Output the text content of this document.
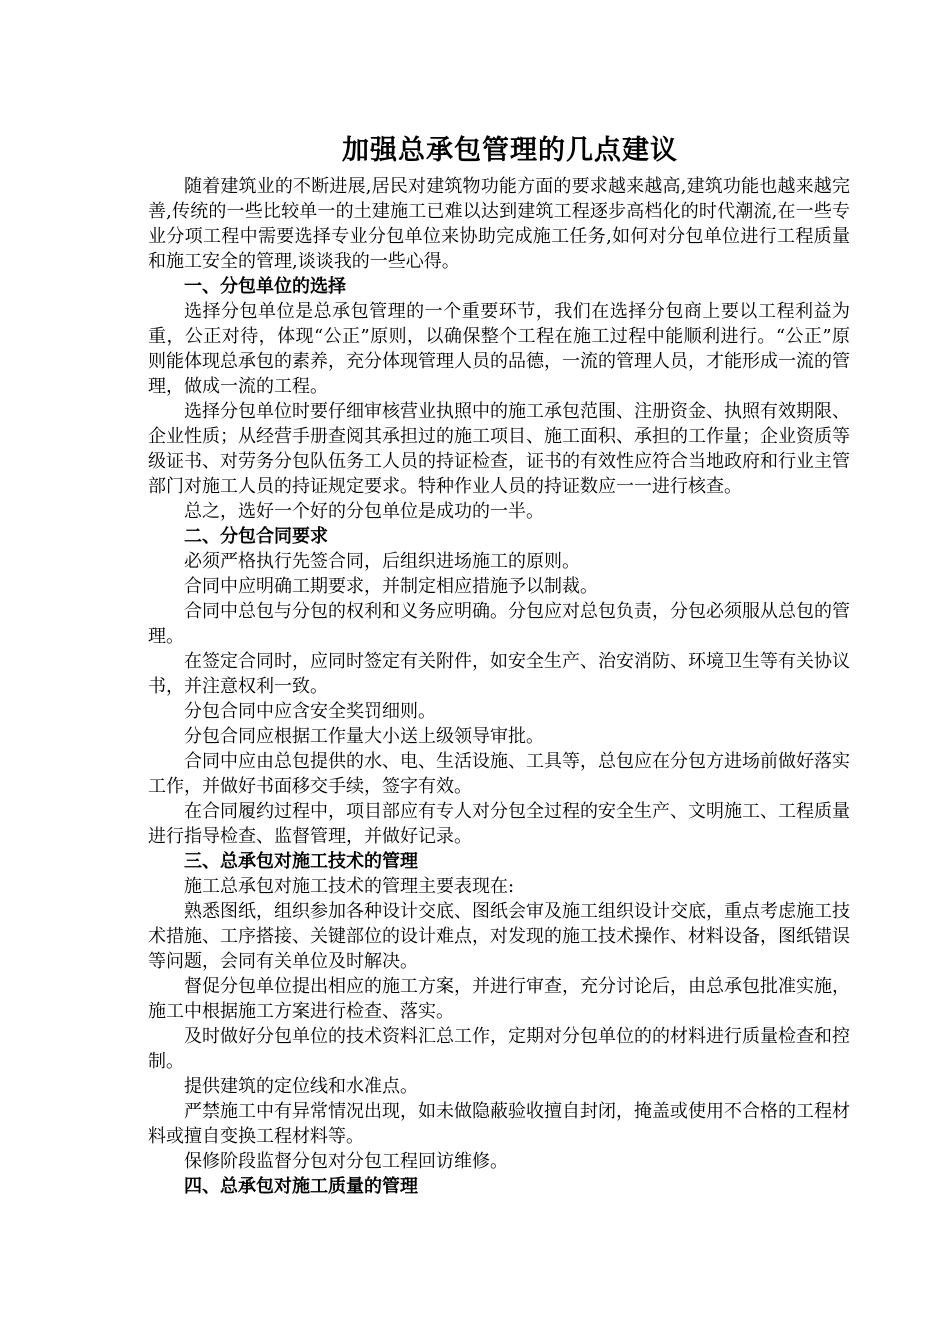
加强总承包管理的几点建议

随着建筑业的不断进展,居民对建筑物功能方面的要求越来越高,建筑功能也越来越完善,传统的一些比较单一的土建施工已难以达到建筑工程逐步高档化的时代潮流,在一些专业分项工程中需要选择专业分包单位来协助完成施工任务,如何对分包单位进行工程质量和施工安全的管理,谈谈我的一些心得。

一、分包单位的选择

选择分包单位是总承包管理的一个重要环节，我们在选择分包商上要以工程利益为重，公正对待，体现“公正”原则，以确保整个工程在施工过程中能顺利进行。“公正”原则能体现总承包的素养，充分体现管理人员的品德，一流的管理人员，才能形成一流的管理，做成一流的工程。

选择分包单位时要仔细审核营业执照中的施工承包范围、注册资金、执照有效期限、企业性质；从经营手册查阅其承担过的施工项目、施工面积、承担的工作量；企业资质等级证书、对劳务分包队伍务工人员的持证检查，证书的有效性应符合当地政府和行业主管部门对施工人员的持证规定要求。特种作业人员的持证数应一一进行核查。

总之，选好一个好的分包单位是成功的一半。

二、分包合同要求

必须严格执行先签合同，后组织进场施工的原则。

合同中应明确工期要求，并制定相应措施予以制裁。

合同中总包与分包的权利和义务应明确。分包应对总包负责，分包必须服从总包的管理。

在签定合同时，应同时签定有关附件，如安全生产、治安消防、环境卫生等有关协议书，并注意权利一致。

分包合同中应含安全奖罚细则。

分包合同应根据工作量大小送上级领导审批。

合同中应由总包提供的水、电、生活设施、工具等，总包应在分包方进场前做好落实工作，并做好书面移交手续，签字有效。

在合同履约过程中，项目部应有专人对分包全过程的安全生产、文明施工、工程质量进行指导检查、监督管理，并做好记录。

三、总承包对施工技术的管理

施工总承包对施工技术的管理主要表现在:

熟悉图纸，组织参加各种设计交底、图纸会审及施工组织设计交底，重点考虑施工技术措施、工序搭接、关键部位的设计难点，对发现的施工技术操作、材料设备，图纸错误等问题，会同有关单位及时解决。

督促分包单位提出相应的施工方案，并进行审查，充分讨论后，由总承包批准实施，施工中根据施工方案进行检查、落实。

及时做好分包单位的技术资料汇总工作，定期对分包单位的的材料进行质量检查和控制。

提供建筑的定位线和水准点。

严禁施工中有异常情况出现，如未做隐蔽验收擅自封闭，掩盖或使用不合格的工程材料或擅自变换工程材料等。

保修阶段监督分包对分包工程回访维修。

四、总承包对施工质量的管理
